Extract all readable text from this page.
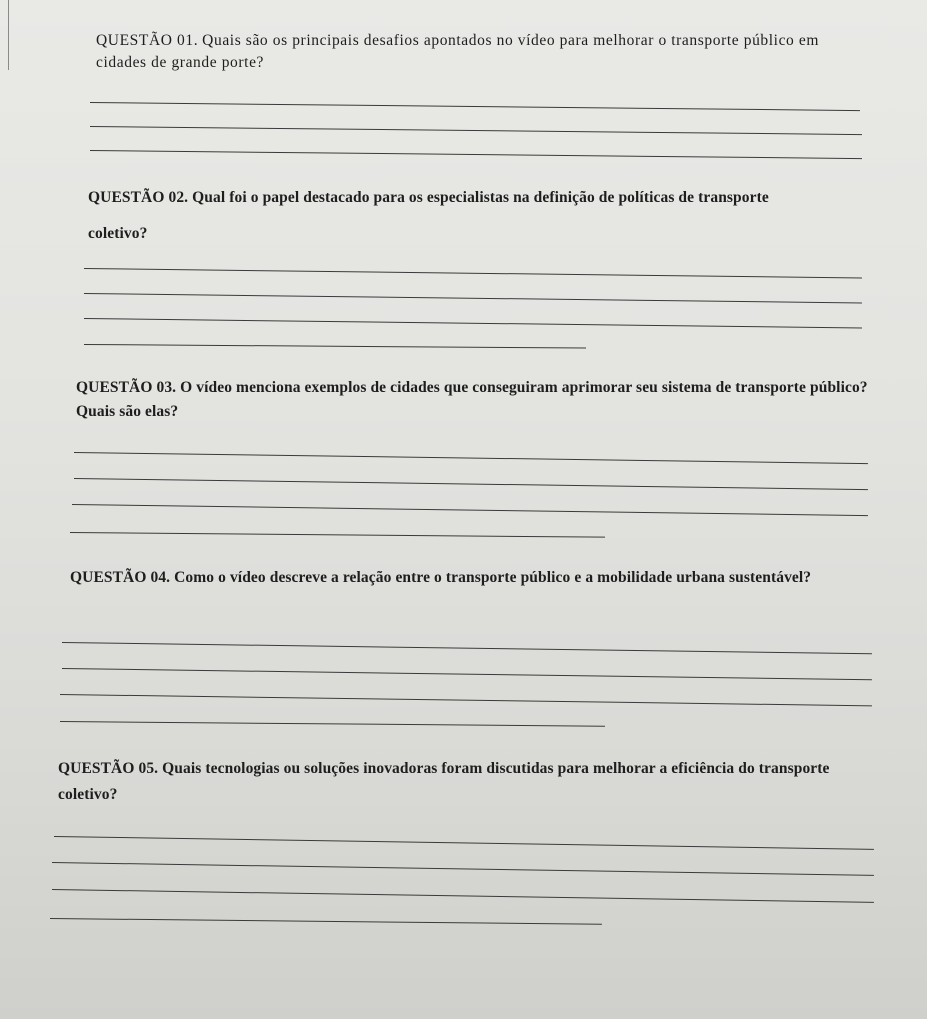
QUESTÃO 01. Quais são os principais desafios apontados no vídeo para melhorar o transporte público em cidades de grande porte?
QUESTÃO 02. Qual foi o papel destacado para os especialistas na definição de políticas de transporte coletivo?
QUESTÃO 03. O vídeo menciona exemplos de cidades que conseguiram aprimorar seu sistema de transporte público? Quais são elas?
QUESTÃO 04. Como o vídeo descreve a relação entre o transporte público e a mobilidade urbana sustentável?
QUESTÃO 05. Quais tecnologias ou soluções inovadoras foram discutidas para melhorar a eficiência do transporte coletivo?
